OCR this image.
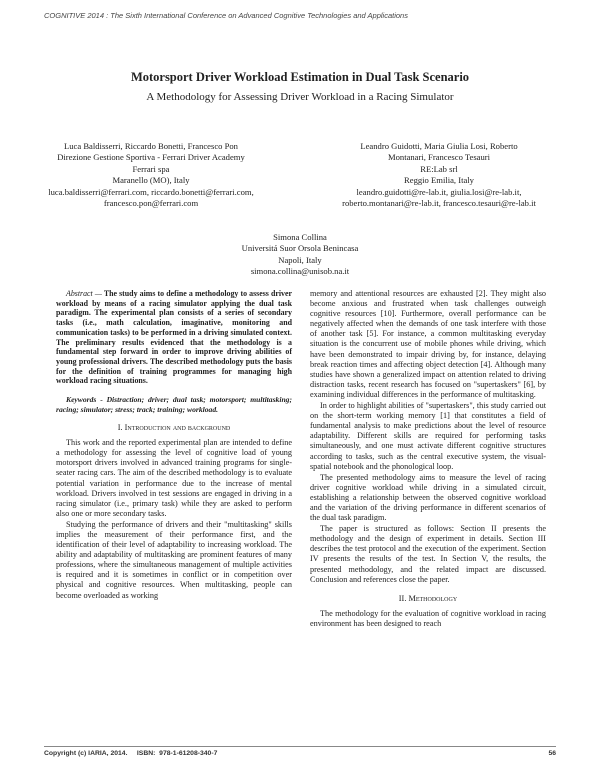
COGNITIVE 2014 : The Sixth International Conference on Advanced Cognitive Technologies and Applications
Motorsport Driver Workload Estimation in Dual Task Scenario
A Methodology for Assessing Driver Workload in a Racing Simulator
Luca Baldisserri, Riccardo Bonetti, Francesco Pon
Direzione Gestione Sportiva - Ferrari Driver Academy
Ferrari spa
Maranello (MO), Italy
luca.baldisserri@ferrari.com, riccardo.bonetti@ferrari.com,
francesco.pon@ferrari.com
Leandro Guidotti, Maria Giulia Losi, Roberto
Montanari, Francesco Tesauri
RE:Lab srl
Reggio Emilia, Italy
leandro.guidotti@re-lab.it, giulia.losi@re-lab.it,
roberto.montanari@re-lab.it, francesco.tesauri@re-lab.it
Simona Collina
Universitá Suor Orsola Benincasa
Napoli, Italy
simona.collina@unisob.na.it

Abstract — The study aims to define a methodology to assess driver workload by means of a racing simulator applying the dual task paradigm. The experimental plan consists of a series of secondary tasks (i.e., math calculation, imaginative, monitoring and communication tasks) to be performed in a driving simulated context. The preliminary results evidenced that the methodology is a fundamental step forward in order to improve driving abilities of young professional drivers. The described methodology puts the basis for the definition of training programmes for managing high workload racing situations.

Keywords - Distraction; driver; dual task; motorsport; multitasking; racing; simulator; stress; track; training; workload.

I. Introduction and background

This work and the reported experimental plan are intended to define a methodology for assessing the level of cognitive load of young motorsport drivers involved in advanced training programs for single-seater racing cars. The aim of the described methodology is to evaluate potential variation in performance due to the increase of mental workload. Drivers involved in test sessions are engaged in driving in a racing simulator (i.e., primary task) while they are asked to perform also one or more secondary tasks.

Studying the performance of drivers and their "multitasking" skills implies the measurement of their performance first, and the identification of their level of adaptability to increasing workload. The ability and adaptability of multitasking are prominent features of many professions, where the simultaneous management of multiple activities is required and it is sometimes in conflict or in competition over physical and cognitive resources. When multitasking, people can become overloaded as working

memory and attentional resources are exhausted [2]. They might also become anxious and frustrated when task challenges outweigh cognitive resources [10]. Furthermore, overall performance can be negatively affected when the demands of one task interfere with those of another task [5]. For instance, a common multitasking everyday situation is the concurrent use of mobile phones while driving, which have been demonstrated to impair driving by, for instance, delaying break reaction times and affecting object detection [4]. Although many studies have shown a generalized impact on attention related to driving distraction tasks, recent research has focused on "supertaskers" [6], by examining individual differences in the performance of multitasking.

In order to highlight abilities of "supertaskers", this study carried out on the short-term working memory [1] that constitutes a field of fundamental analysis to make predictions about the level of resource adaptability. Different skills are required for performing tasks simultaneously, and one must activate different cognitive structures according to tasks, such as the central executive system, the visual-spatial notebook and the phonological loop.

The presented methodology aims to measure the level of racing driver cognitive workload while driving in a simulated circuit, establishing a relationship between the observed cognitive workload and the variation of the driving performance in different scenarios of the dual task paradigm.

The paper is structured as follows: Section II presents the methodology and the design of experiment in details. Section III describes the test protocol and the execution of the experiment. Section IV presents the results of the test. In Section V, the results, the presented methodology, and the related impact are discussed. Conclusion and references close the paper.

II. Methodology

The methodology for the evaluation of cognitive workload in racing environment has been designed to reach

Copyright (c) IARIA, 2014.     ISBN:  978-1-61208-340-7	56
